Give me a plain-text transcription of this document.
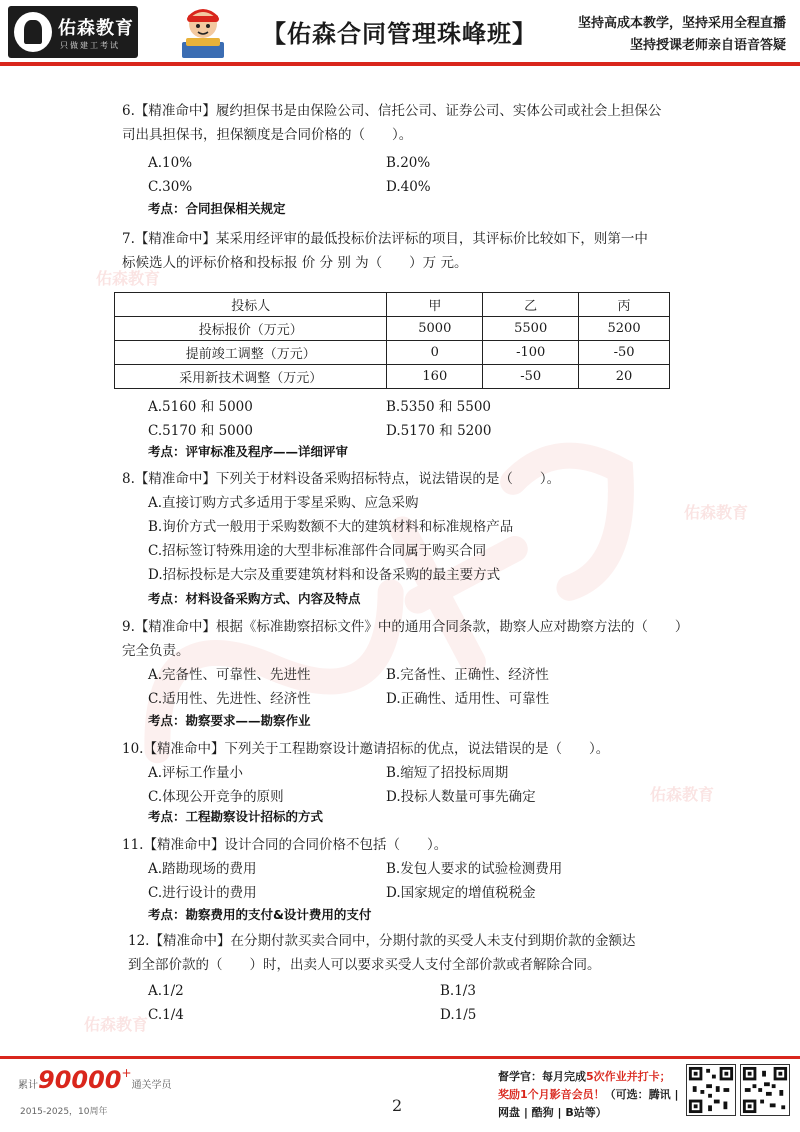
佑森教育
只做建工考试	【佑森合同管理珠峰班】	坚持高成本教学，坚持采用全程直播
坚持授课老师亲自语音答疑
佑森教育
佑森教育
佑森教育
佑森教育
6.【精准命中】履约担保书是由保险公司、信托公司、证券公司、实体公司或社会上担保公
司出具担保书，担保额度是合同价格的（　　）。
A.10%	B.20%
C.30%	D.40%
考点：合同担保相关规定
7.【精准命中】某采用经评审的最低投标价法评标的项目，其评标价比较如下，则第一中
标候选人的评标价格和投标报 价 分 别 为（　　）万 元。
投标人	甲	乙	丙
投标报价（万元）	5000	5500	5200
提前竣工调整（万元）	0	-100	-50
采用新技术调整（万元）	160	-50	20
A.5160 和 5000	B.5350 和 5500
C.5170 和 5000	D.5170 和 5200
考点：评审标准及程序——详细评审
8.【精准命中】下列关于材料设备采购招标特点，说法错误的是（　　）。
A.直接订购方式多适用于零星采购、应急采购
B.询价方式一般用于采购数额不大的建筑材料和标准规格产品
C.招标签订特殊用途的大型非标准部件合同属于购买合同
D.招标投标是大宗及重要建筑材料和设备采购的最主要方式
考点：材料设备采购方式、内容及特点
9.【精准命中】根据《标准勘察招标文件》中的通用合同条款，勘察人应对勘察方法的（　　）
完全负责。
A.完备性、可靠性、先进性	B.完备性、正确性、经济性
C.适用性、先进性、经济性	D.正确性、适用性、可靠性
考点：勘察要求——勘察作业
10.【精准命中】下列关于工程勘察设计邀请招标的优点，说法错误的是（　　）。
A.评标工作量小	B.缩短了招投标周期
C.体现公开竞争的原则	D.投标人数量可事先确定
考点：工程勘察设计招标的方式
11.【精准命中】设计合同的合同价格不包括（　　）。
A.踏勘现场的费用	B.发包人要求的试验检测费用
C.进行设计的费用	D.国家规定的增值税税金
考点：勘察费用的支付&设计费用的支付
12.【精准命中】在分期付款买卖合同中，分期付款的买受人未支付到期价款的金额达
到全部价款的（　　）时，出卖人可以要求买受人支付全部价款或者解除合同。
A.1/2	B.1/3
C.1/4	D.1/5
累计90000+通关学员
2015-2025，10周年	2
督学官：每月完成5次作业并打卡；
奖励1个月影音会员！（可选：腾讯 |
网盘 | 酷狗 | B站等）
